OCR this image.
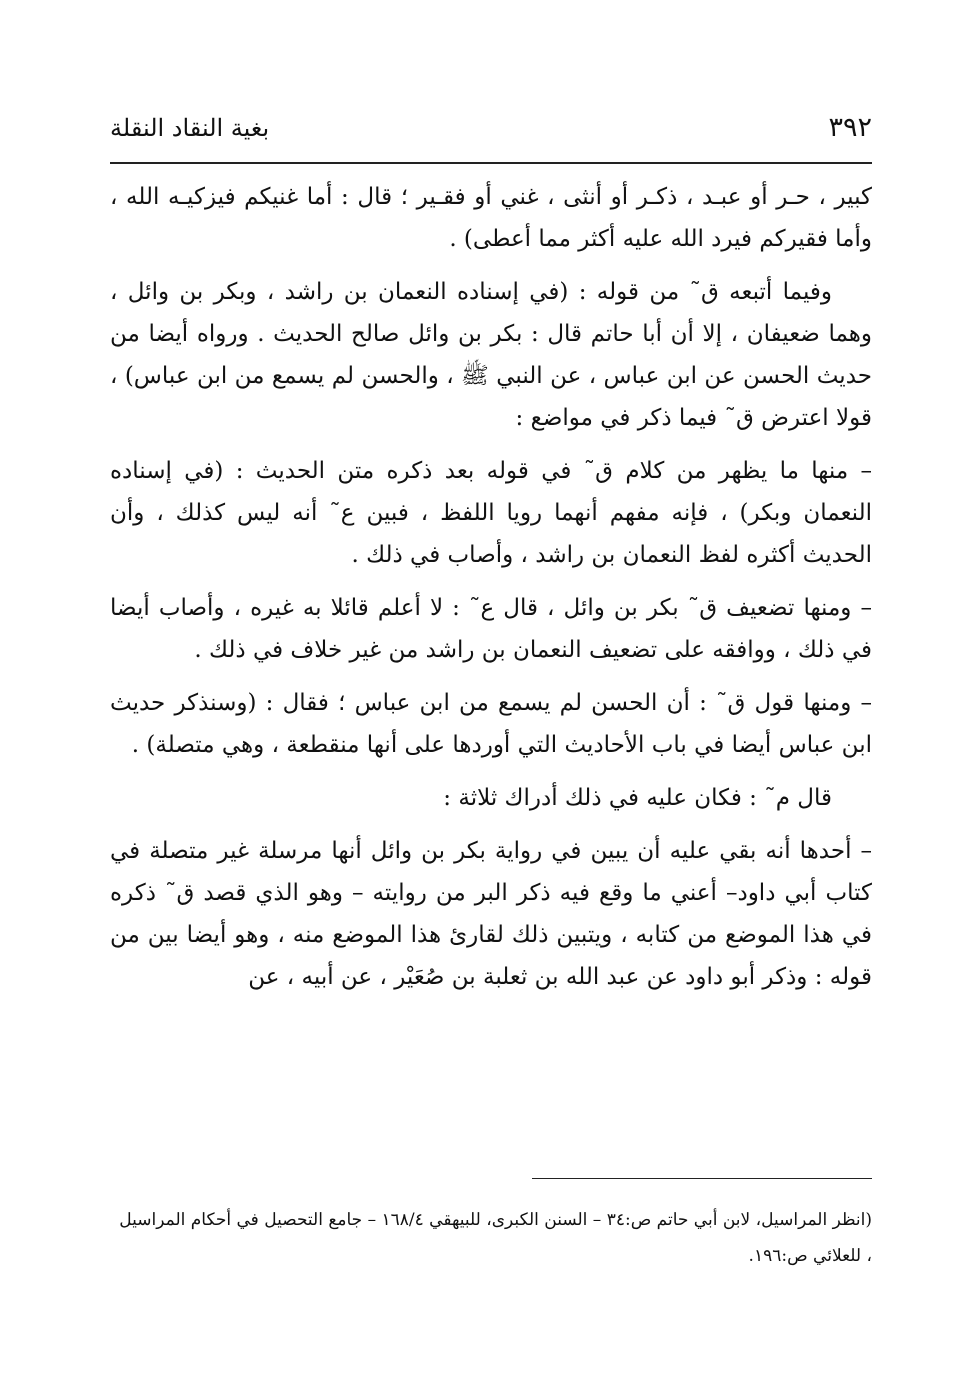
٣٩٢
بغية النقاد النقلة

كبير ، حـر أو عبـد ، ذكـر أو أنثى ، غني أو فقـير ؛ قال : أما غنيكم فيزكيـه الله ، وأما فقيركم فيرد الله عليه أكثر مما أعطى) .

وفيما أتبعه ق˜ من قوله : (في إسناده النعمان بن راشد ، وبكر بن وائل ، وهما ضعيفان ، إلا أن أبا حاتم قال : بكر بن وائل صالح الحديث . ورواه أيضا من حديث الحسن عن ابن عباس ، عن النبي ﷺ ، والحسن لم يسمع من ابن عباس) ، قولا اعترض ق˜ فيما ذكر في مواضع :

– منها ما يظهر من كلام ق˜ في قوله بعد ذكره متن الحديث : (في إسناده النعمان وبكر) ، فإنه مفهم أنهما رويا اللفظ ، فبين ع˜ أنه ليس كذلك ، وأن الحديث أكثره لفظ النعمان بن راشد ، وأصاب في ذلك .

– ومنها تضعيف ق˜ بكر بن وائل ، قال ع˜ : لا أعلم قائلا به غيره ، وأصاب أيضا في ذلك ، ووافقه على تضعيف النعمان بن راشد من غير خلاف في ذلك .

– ومنها قول ق˜ : أن الحسن لم يسمع من ابن عباس ؛ فقال : (وسنذكر حديث ابن عباس أيضا في باب الأحاديث التي أوردها على أنها منقطعة ، وهي متصلة) .

قال م˜ : فكان عليه في ذلك أدراك ثلاثة :

– أحدها أنه بقي عليه أن يبين في رواية بكر بن وائل أنها مرسلة غير متصلة في كتاب أبي داود– أعني ما وقع فيه ذكر البر من روايته – وهو الذي قصد ق˜ ذكره في هذا الموضع من كتابه ، ويتبين ذلك لقارئ هذا الموضع منه ، وهو أيضا بين من قوله : وذكر أبو داود عن عبد الله بن ثعلبة بن صُعَيْر ، عن أبيه ، عن

(انظر المراسيل، لابن أبي حاتم ص:٣٤ – السنن الكبرى، للبيهقي ١٦٨/٤ – جامع التحصيل في أحكام المراسيل ، للعلائي ص:١٩٦.
